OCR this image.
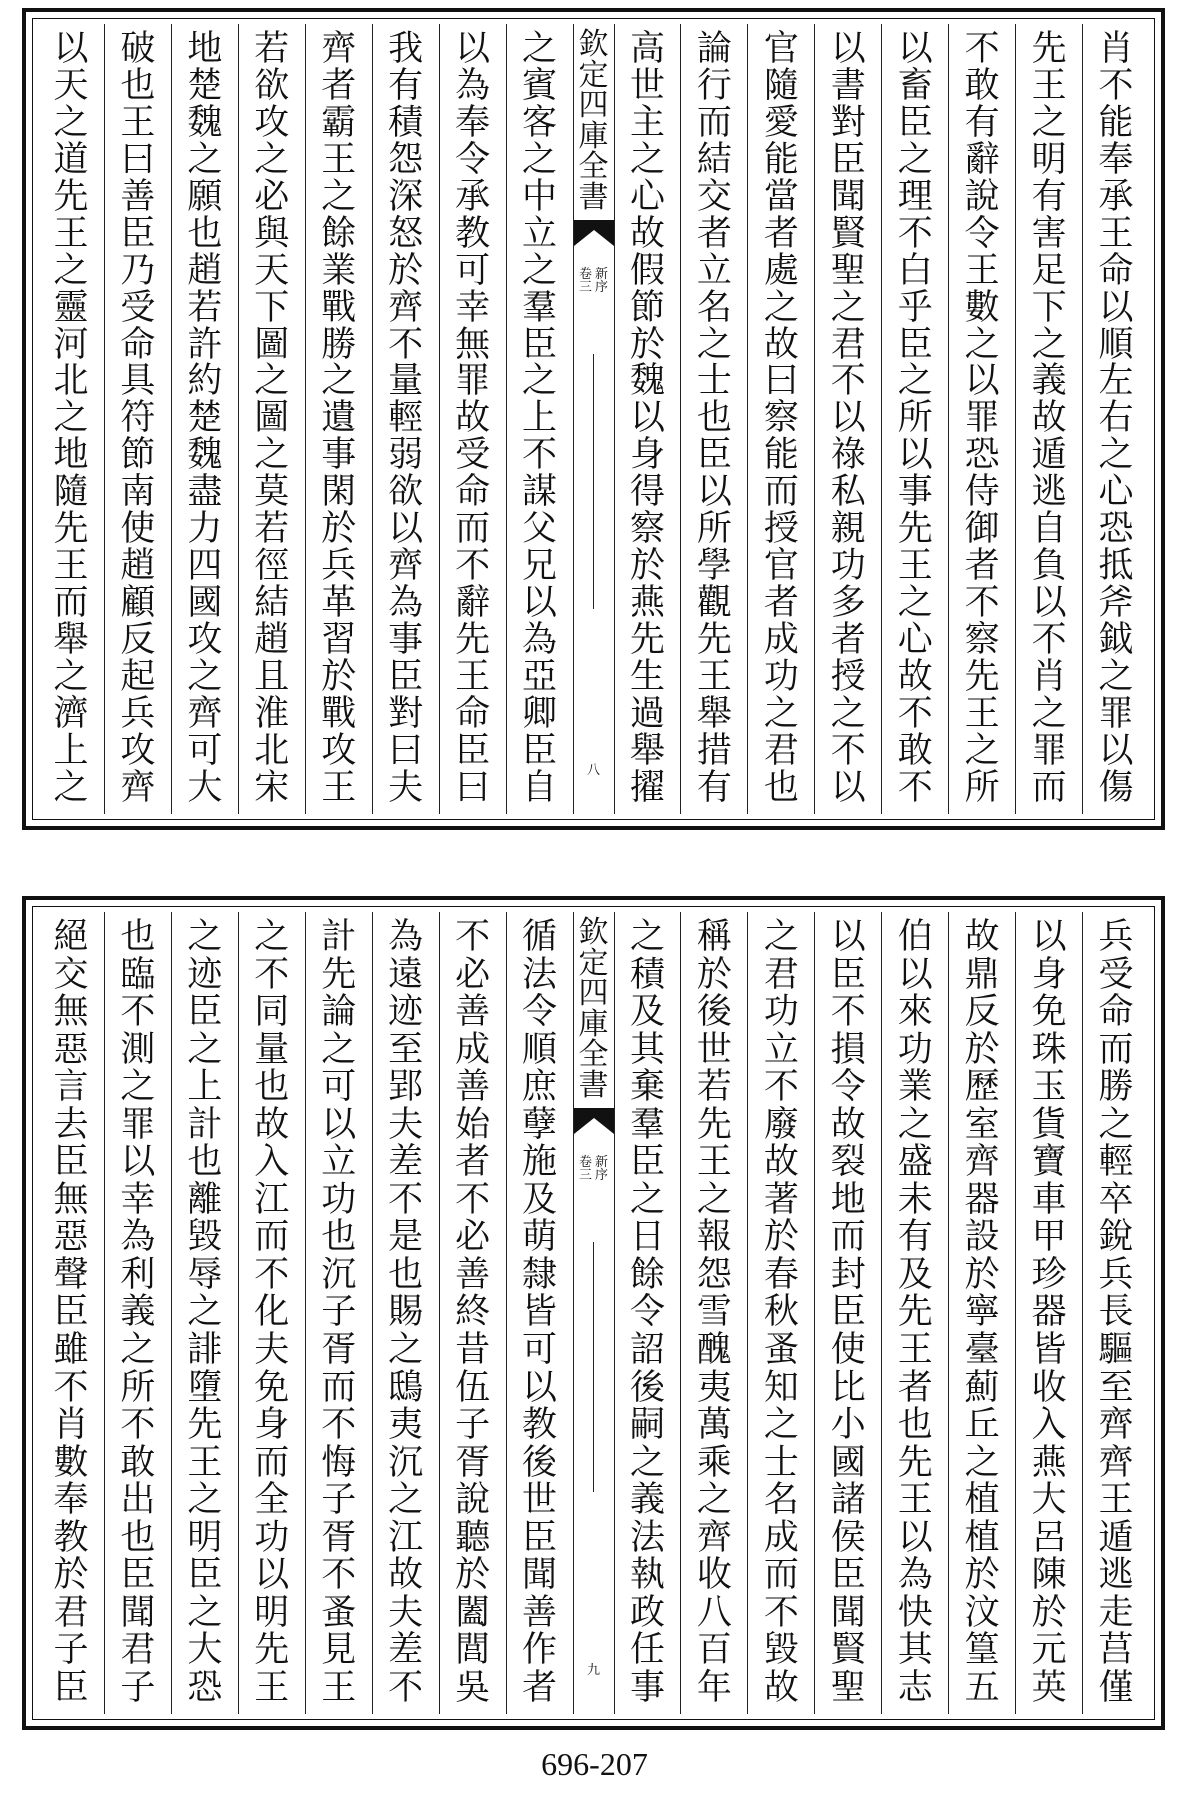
肖
不
能
奉
承
王
命
以
順
左
右
之
心
恐
抵
斧
鉞
之
罪
以
傷
先
王
之
明
有
害
足
下
之
義
故
遁
逃
自
負
以
不
肖
之
罪
而
不
敢
有
辭
說
令
王
數
之
以
罪
恐
侍
御
者
不
察
先
王
之
所
以
畜
臣
之
理
不
白
乎
臣
之
所
以
事
先
王
之
心
故
不
敢
不
以
書
對
臣
聞
賢
聖
之
君
不
以
祿
私
親
功
多
者
授
之
不
以
官
隨
愛
能
當
者
處
之
故
曰
察
能
而
授
官
者
成
功
之
君
也
論
行
而
結
交
者
立
名
之
士
也
臣
以
所
學
觀
先
王
舉
措
有
高
世
主
之
心
故
假
節
於
魏
以
身
得
察
於
燕
先
生
過
舉
擢
欽
定
四
庫
全
書
新
序
卷
三
八
之
賓
客
之
中
立
之
羣
臣
之
上
不
謀
父
兄
以
為
亞
卿
臣
自
以
為
奉
令
承
教
可
幸
無
罪
故
受
命
而
不
辭
先
王
命
臣
曰
我
有
積
怨
深
怒
於
齊
不
量
輕
弱
欲
以
齊
為
事
臣
對
曰
夫
齊
者
霸
王
之
餘
業
戰
勝
之
遺
事
閑
於
兵
革
習
於
戰
攻
王
若
欲
攻
之
必
與
天
下
圖
之
圖
之
莫
若
徑
結
趙
且
淮
北
宋
地
楚
魏
之
願
也
趙
若
許
約
楚
魏
盡
力
四
國
攻
之
齊
可
大
破
也
王
曰
善
臣
乃
受
命
具
符
節
南
使
趙
顧
反
起
兵
攻
齊
以
天
之
道
先
王
之
靈
河
北
之
地
隨
先
王
而
舉
之
濟
上
之
兵
受
命
而
勝
之
輕
卒
銳
兵
長
驅
至
齊
齊
王
遁
逃
走
莒
僅
以
身
免
珠
玉
貨
寶
車
甲
珍
器
皆
收
入
燕
大
呂
陳
於
元
英
故
鼎
反
於
歷
室
齊
器
設
於
寧
臺
薊
丘
之
植
植
於
汶
篁
五
伯
以
來
功
業
之
盛
未
有
及
先
王
者
也
先
王
以
為
快
其
志
以
臣
不
損
令
故
裂
地
而
封
臣
使
比
小
國
諸
侯
臣
聞
賢
聖
之
君
功
立
不
廢
故
著
於
春
秋
蚤
知
之
士
名
成
而
不
毀
故
稱
於
後
世
若
先
王
之
報
怨
雪
醜
夷
萬
乘
之
齊
收
八
百
年
之
積
及
其
棄
羣
臣
之
日
餘
令
詔
後
嗣
之
義
法
執
政
任
事
欽
定
四
庫
全
書
新
序
卷
三
九
循
法
令
順
庶
孽
施
及
萌
隸
皆
可
以
教
後
世
臣
聞
善
作
者
不
必
善
成
善
始
者
不
必
善
終
昔
伍
子
胥
說
聽
於
闔
閭
吳
為
遠
迹
至
郢
夫
差
不
是
也
賜
之
鴟
夷
沉
之
江
故
夫
差
不
計
先
論
之
可
以
立
功
也
沉
子
胥
而
不
悔
子
胥
不
蚤
見
王
之
不
同
量
也
故
入
江
而
不
化
夫
免
身
而
全
功
以
明
先
王
之
迹
臣
之
上
計
也
離
毀
辱
之
誹
墮
先
王
之
明
臣
之
大
恐
也
臨
不
測
之
罪
以
幸
為
利
義
之
所
不
敢
出
也
臣
聞
君
子
絕
交
無
惡
言
去
臣
無
惡
聲
臣
雖
不
肖
數
奉
教
於
君
子
臣
696-207
